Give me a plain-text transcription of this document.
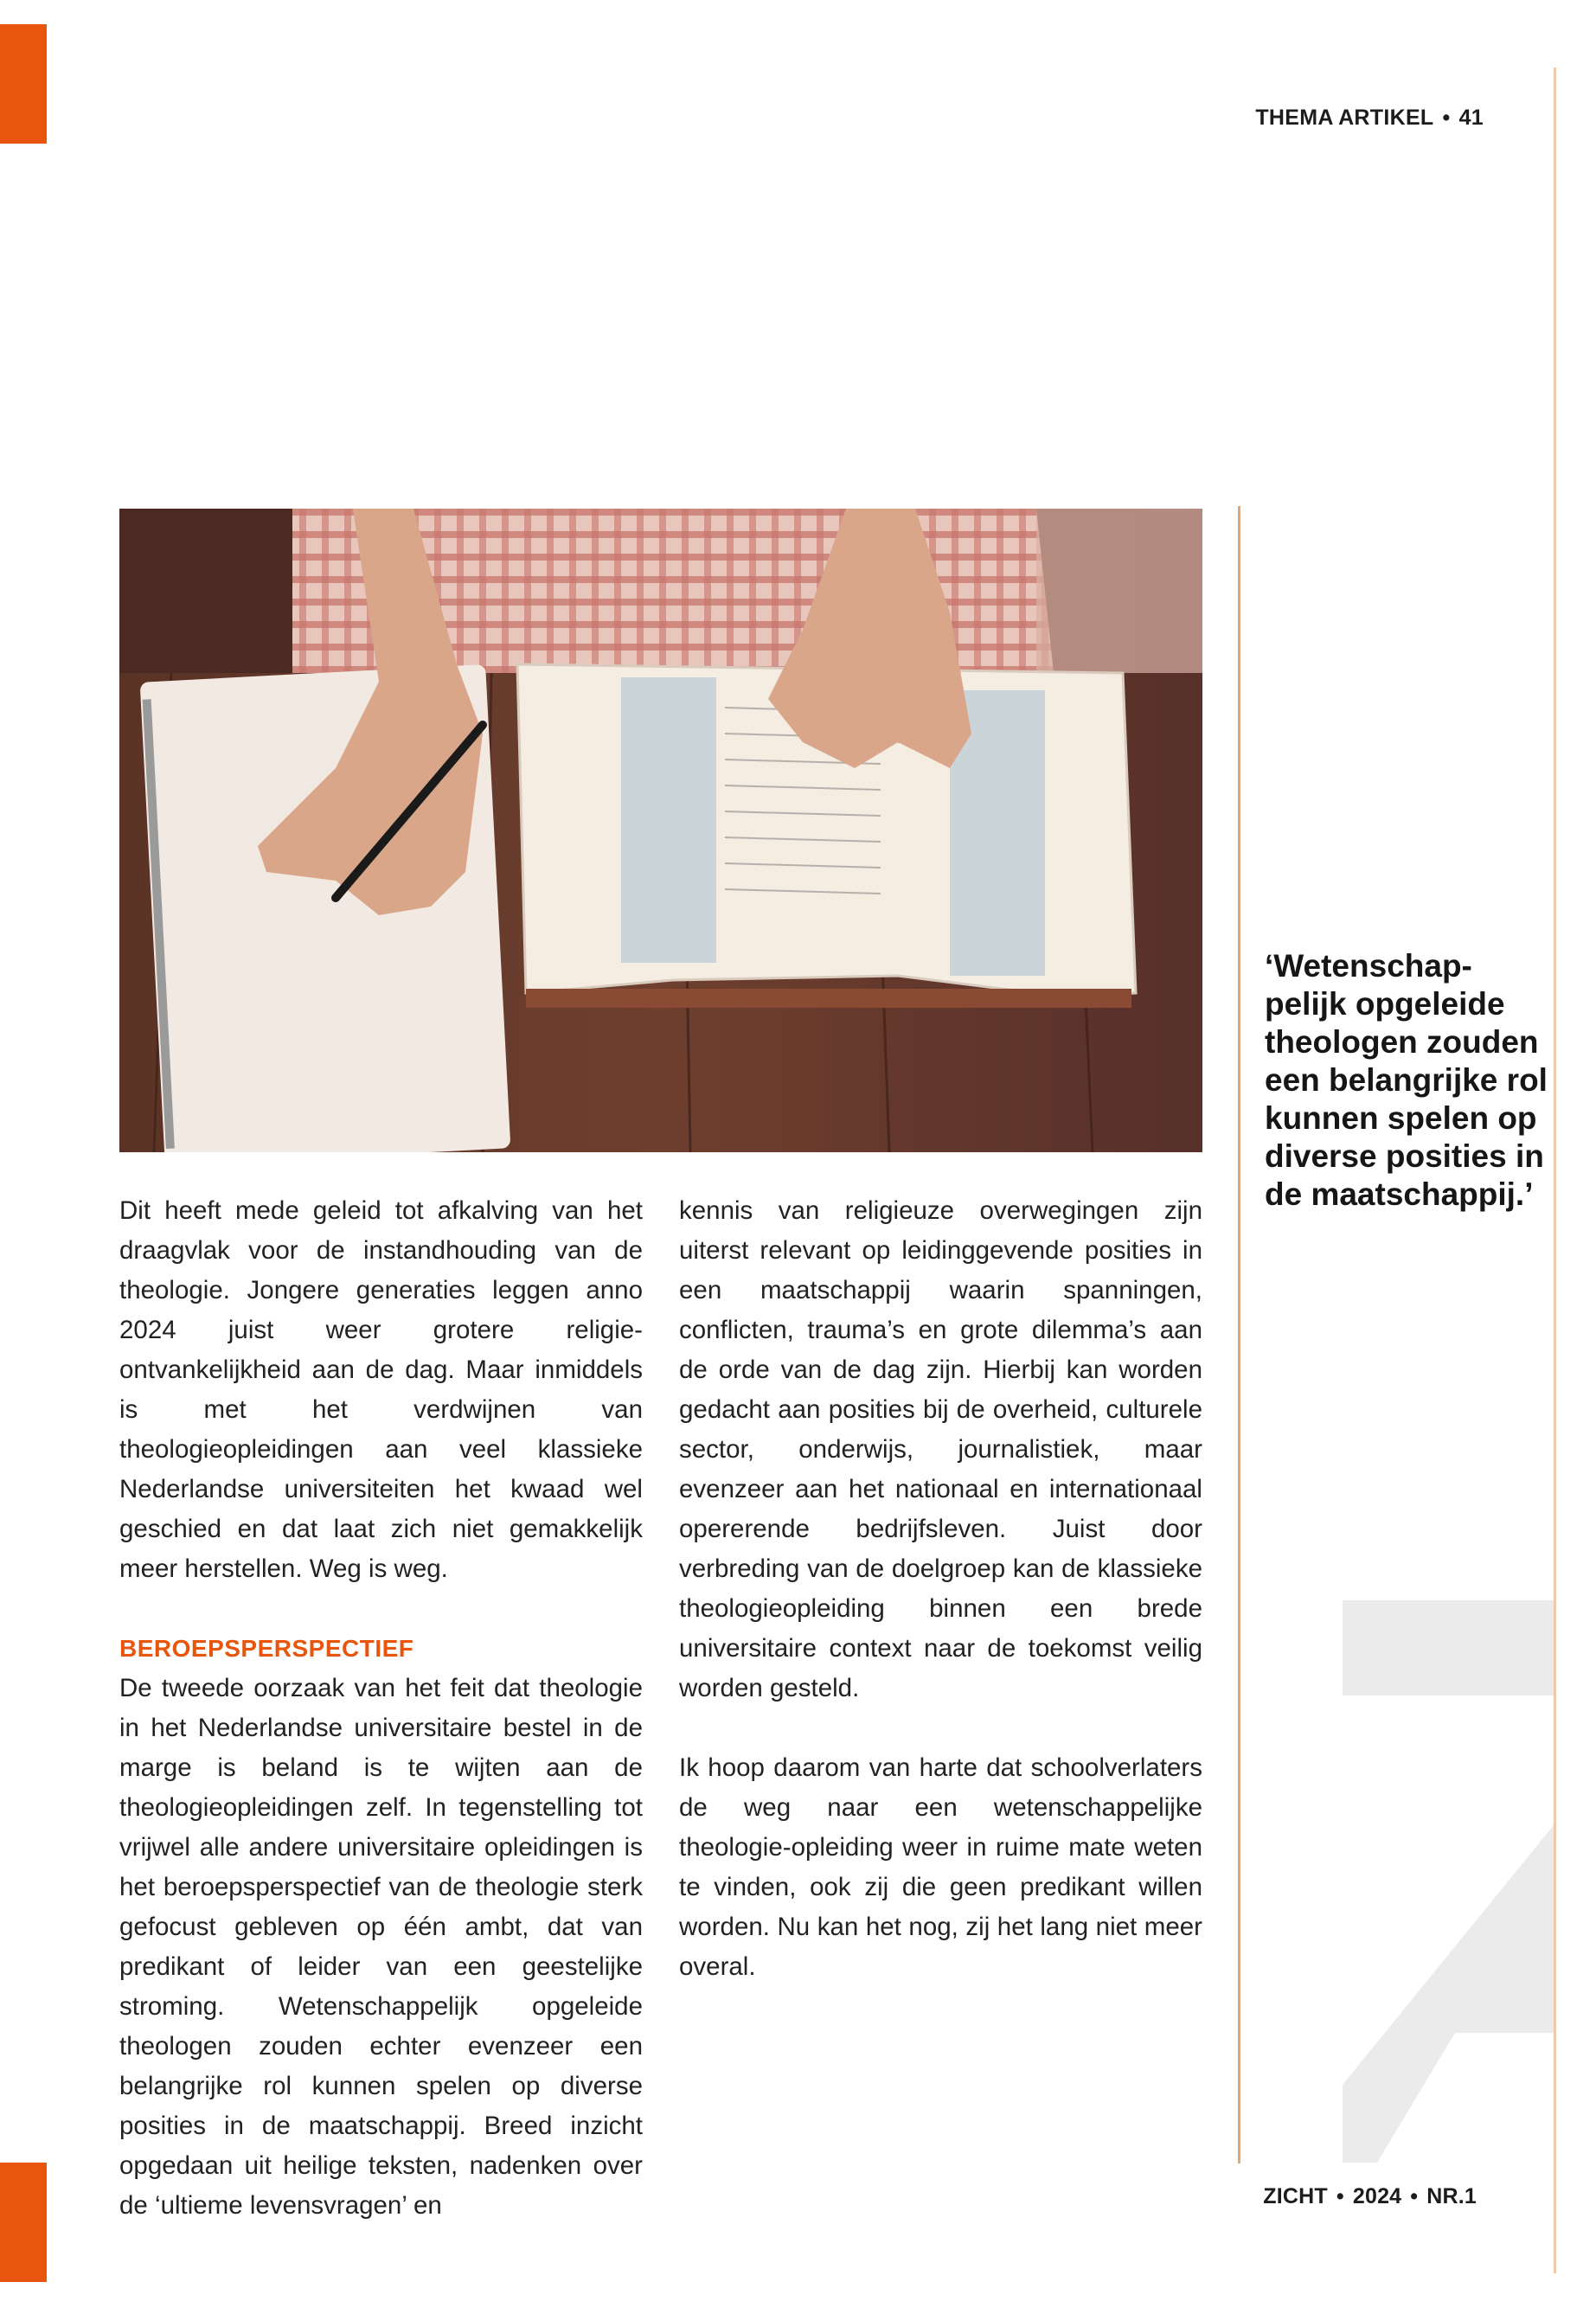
THEMA ARTIKEL • 41

Dit heeft mede geleid tot afkalving van het draagvlak voor de instandhouding van de theologie. Jongere generaties leggen anno 2024 juist weer grotere religie-ontvankelijkheid aan de dag. Maar inmiddels is met het verdwijnen van theologieopleidingen aan veel klassieke Nederlandse universiteiten het kwaad wel geschied en dat laat zich niet gemakkelijk meer herstellen. Weg is weg.

BEROEPSPERSPECTIEF

De tweede oorzaak van het feit dat theologie in het Nederlandse universitaire bestel in de marge is beland is te wijten aan de theologieopleidingen zelf. In tegenstelling tot vrijwel alle andere universitaire opleidingen is het beroepsperspectief van de theologie sterk gefocust gebleven op één ambt, dat van predikant of leider van een geestelijke stroming. Wetenschappelijk opgeleide theologen zouden echter evenzeer een belangrijke rol kunnen spelen op diverse posities in de maatschappij. Breed inzicht opgedaan uit heilige teksten, nadenken over de ‘ultieme levensvragen’ en

kennis van religieuze overwegingen zijn uiterst relevant op leidinggevende posities in een maatschappij waarin spanningen, conflicten, trauma’s en grote dilemma’s aan de orde van de dag zijn. Hierbij kan worden gedacht aan posities bij de overheid, culturele sector, onderwijs, journalistiek, maar evenzeer aan het nationaal en internationaal opererende bedrijfsleven. Juist door verbreding van de doelgroep kan de klassieke theologieopleiding binnen een brede universitaire context naar de toekomst veilig worden gesteld.

Ik hoop daarom van harte dat schoolverlaters de weg naar een wetenschappelijke theologie-opleiding weer in ruime mate weten te vinden, ook zij die geen predikant willen worden. Nu kan het nog, zij het lang niet meer overal.

‘Wetenschap-
pelijk opgeleide theologen zouden een belangrijke rol kunnen spelen op diverse posities in de maatschappij.’
ZICHT • 2024 • NR.1
